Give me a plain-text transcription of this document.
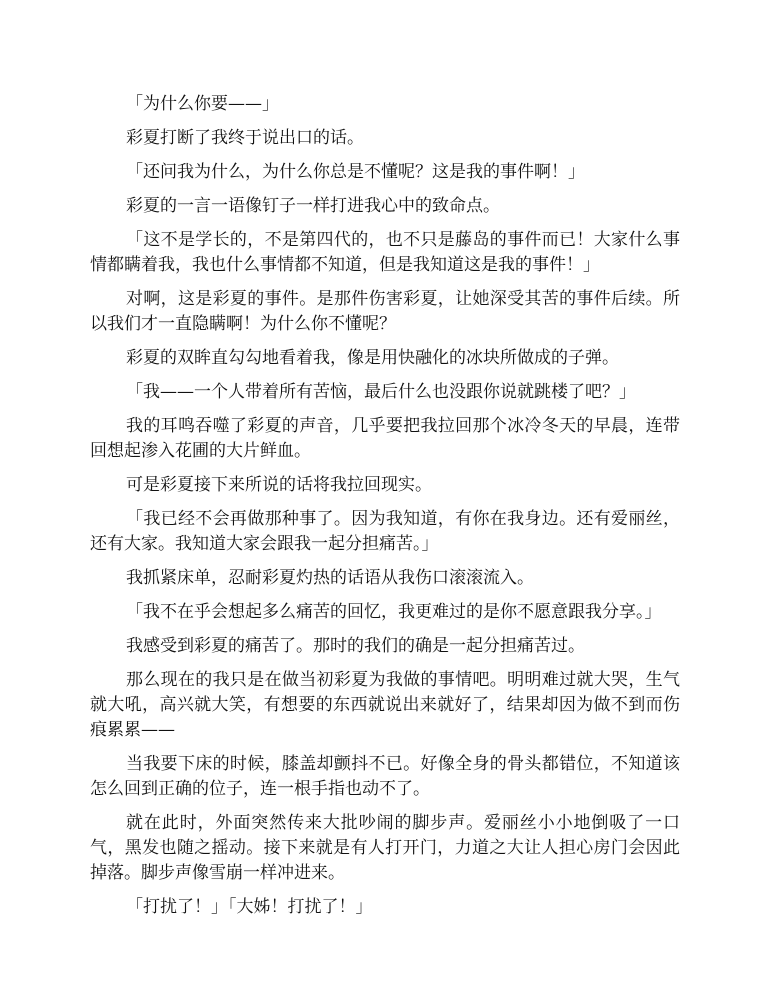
「为什么你要——」

彩夏打断了我终于说出口的话。

「还问我为什么，为什么你总是不懂呢？这是我的事件啊！」

彩夏的一言一语像钉子一样打进我心中的致命点。

「这不是学长的，不是第四代的，也不只是藤岛的事件而已！大家什么事情都瞒着我，我也什么事情都不知道，但是我知道这是我的事件！」

对啊，这是彩夏的事件。是那件伤害彩夏，让她深受其苦的事件后续。所以我们才一直隐瞒啊！为什么你不懂呢？

彩夏的双眸直勾勾地看着我，像是用快融化的冰块所做成的子弹。

「我——一个人带着所有苦恼，最后什么也没跟你说就跳楼了吧？」

我的耳鸣吞噬了彩夏的声音，几乎要把我拉回那个冰冷冬天的早晨，连带回想起渗入花圃的大片鲜血。

可是彩夏接下来所说的话将我拉回现实。

「我已经不会再做那种事了。因为我知道，有你在我身边。还有爱丽丝，还有大家。我知道大家会跟我一起分担痛苦。」

我抓紧床单，忍耐彩夏灼热的话语从我伤口滚滚流入。

「我不在乎会想起多么痛苦的回忆，我更难过的是你不愿意跟我分享。」

我感受到彩夏的痛苦了。那时的我们的确是一起分担痛苦过。

那么现在的我只是在做当初彩夏为我做的事情吧。明明难过就大哭，生气就大吼，高兴就大笑，有想要的东西就说出来就好了，结果却因为做不到而伤痕累累——

当我要下床的时候，膝盖却颤抖不已。好像全身的骨头都错位，不知道该怎么回到正确的位子，连一根手指也动不了。

就在此时，外面突然传来大批吵闹的脚步声。爱丽丝小小地倒吸了一口气，黑发也随之摇动。接下来就是有人打开门，力道之大让人担心房门会因此掉落。脚步声像雪崩一样冲进来。

「打扰了！」「大姊！打扰了！」
